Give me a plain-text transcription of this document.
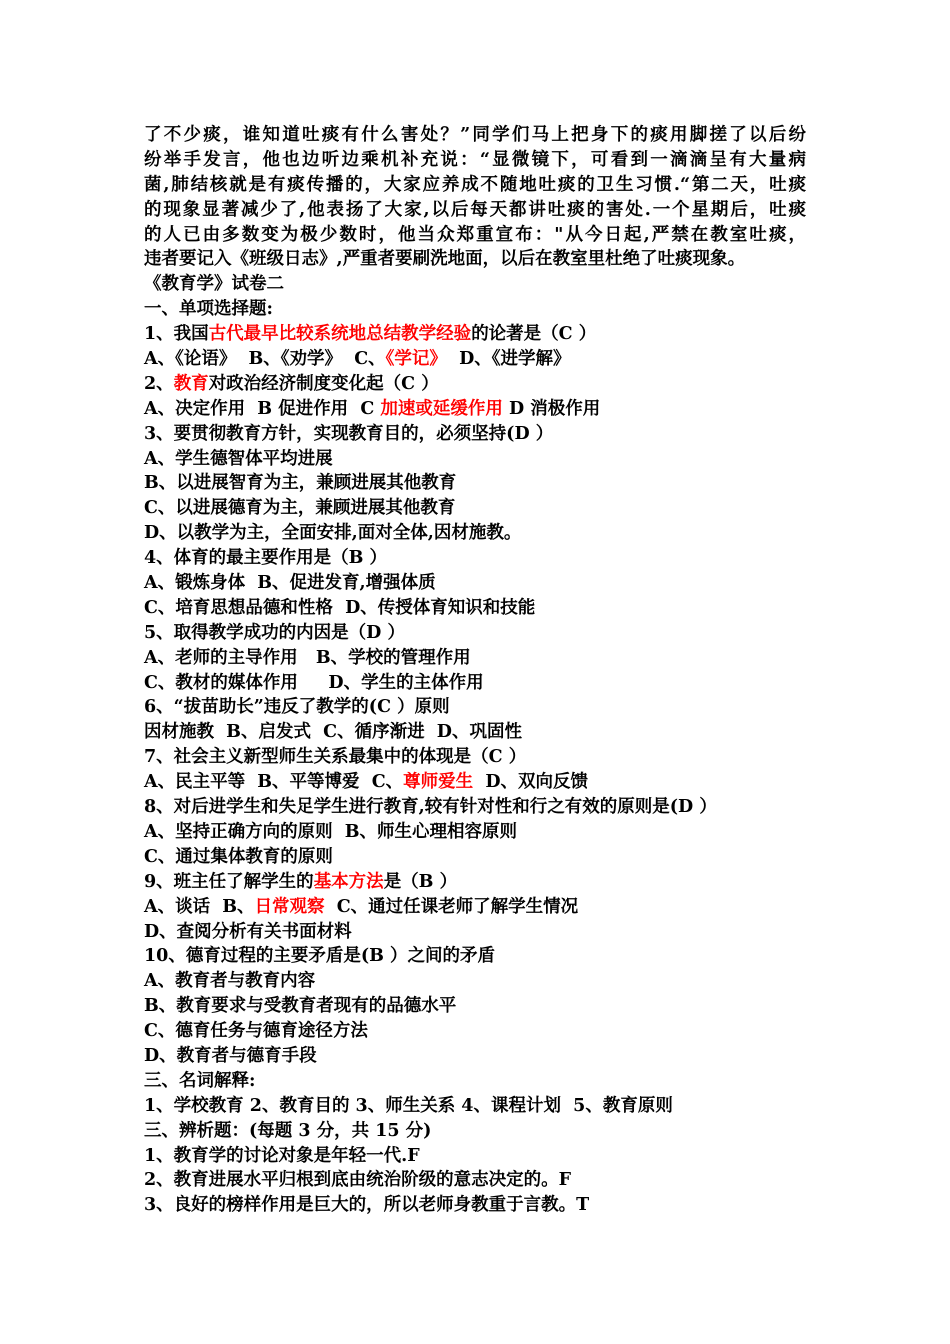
了不少痰，谁知道吐痰有什么害处？”同学们马上把身下的痰用脚搓了以后纷
纷举手发言，他也边听边乘机补充说：“显微镜下，可看到一滴滴呈有大量病
菌,肺结核就是有痰传播的，大家应养成不随地吐痰的卫生习惯.“第二天，吐痰
的现象显著减少了,他表扬了大家,以后每天都讲吐痰的害处.一个星期后，吐痰
的人已由多数变为极少数时，他当众郑重宣布："从今日起,严禁在教室吐痰，
违者要记入《班级日志》,严重者要刷洗地面，以后在教室里杜绝了吐痰现象。
《教育学》试卷二
一、单项选择题:
1、我国古代最早比较系统地总结教学经验的论著是（C ）
A、《论语》  B、《劝学》  C、《学记》  D、《进学解》
2、教育对政治经济制度变化起（C ）
A、决定作用  B 促进作用  C 加速或延缓作用 D 消极作用
3、要贯彻教育方针，实现教育目的，必须坚持(D ）
A、学生德智体平均进展
B、以进展智育为主，兼顾进展其他教育
C、以进展德育为主，兼顾进展其他教育
D、以教学为主，全面安排,面对全体,因材施教。
4、体育的最主要作用是（B ）
A、锻炼身体  B、促进发育,增强体质
C、培育思想品德和性格  D、传授体育知识和技能
5、取得教学成功的内因是（D ）
A、老师的主导作用   B、学校的管理作用
C、教材的媒体作用     D、学生的主体作用
6、“拔苗助长”违反了教学的(C ）原则
因材施教  B、启发式  C、循序渐进  D、巩固性
7、社会主义新型师生关系最集中的体现是（C ）
A、民主平等  B、平等博爱  C、尊师爱生  D、双向反馈
8、对后进学生和失足学生进行教育,较有针对性和行之有效的原则是(D ）
A、坚持正确方向的原则  B、师生心理相容原则
C、通过集体教育的原则
9、班主任了解学生的基本方法是（B ）
A、谈话  B、日常观察  C、通过任课老师了解学生情况
D、查阅分析有关书面材料
10、德育过程的主要矛盾是(B ）之间的矛盾
A、教育者与教育内容
B、教育要求与受教育者现有的品德水平
C、德育任务与德育途径方法
D、教育者与德育手段
三、名词解释:
1、学校教育 2、教育目的 3、师生关系 4、课程计划  5、教育原则
三、辨析题：(每题 3 分，共 15 分)
1、教育学的讨论对象是年轻一代.F
2、教育进展水平归根到底由统治阶级的意志决定的。F
3、良好的榜样作用是巨大的，所以老师身教重于言教。T
